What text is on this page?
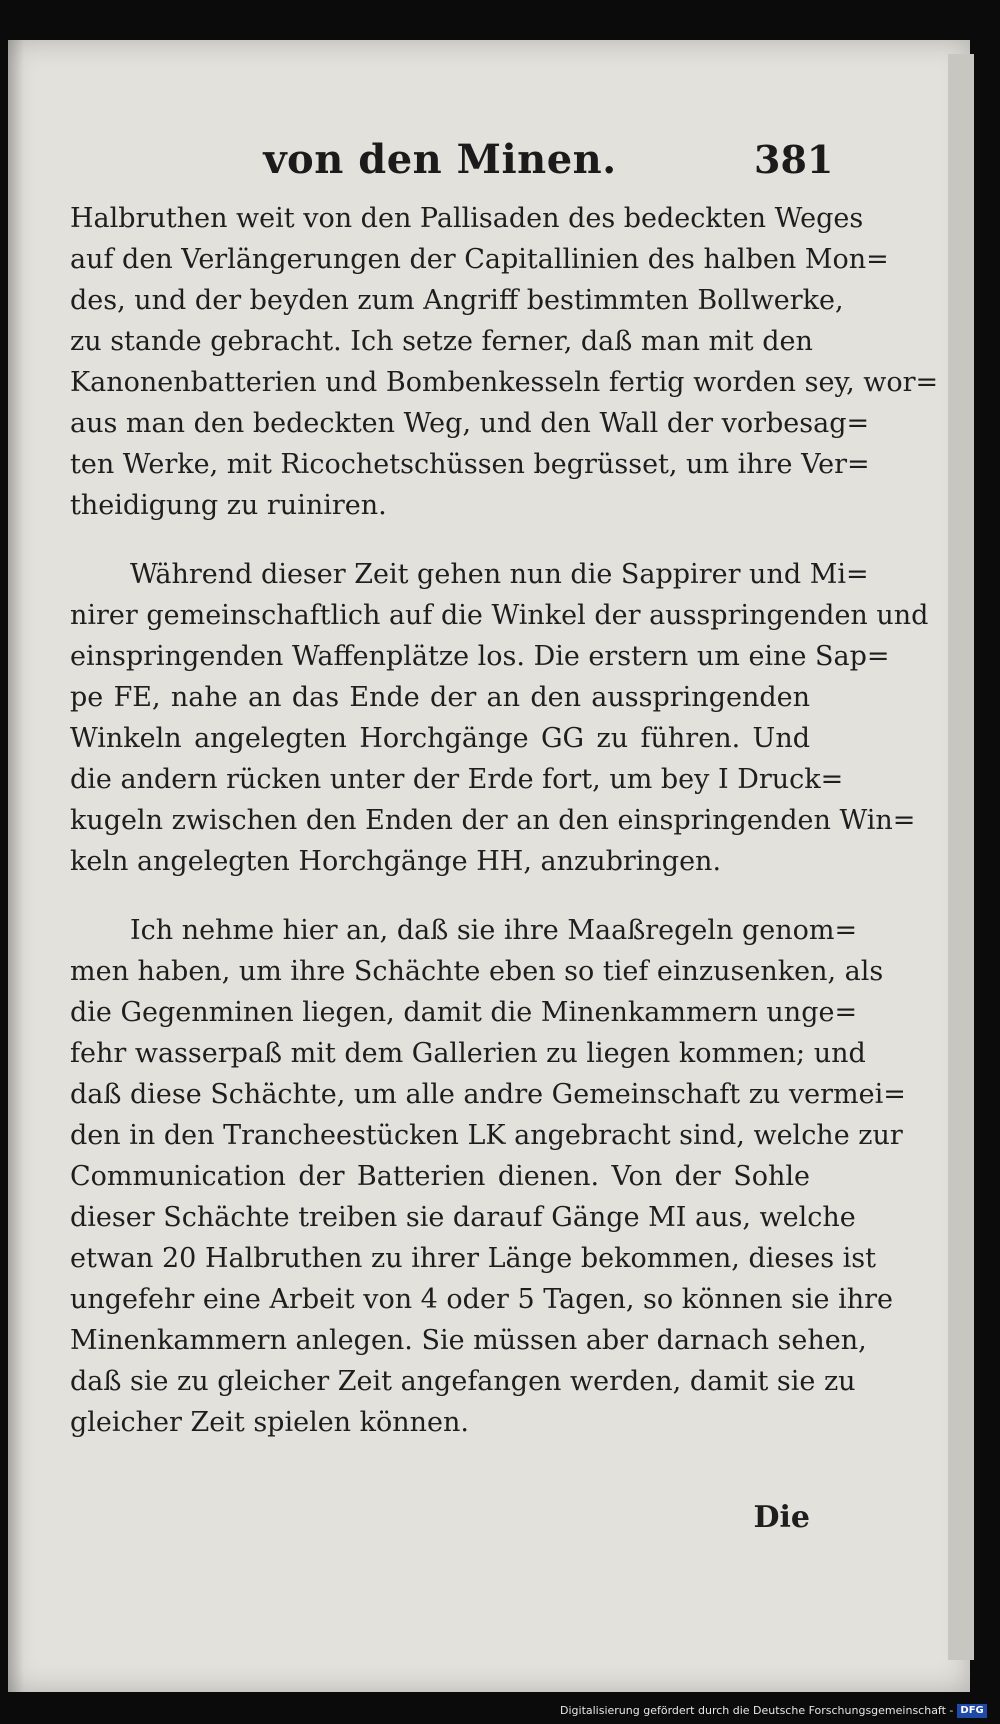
von den Minen.	381

Halbruthen weit von den Pallisaden des bedeckten Weges

auf den Verlängerungen der Capitallinien des halben Mon=

des, und der beyden zum Angriff bestimmten Bollwerke,

zu stande gebracht. Ich setze ferner, daß man mit den

Kanonenbatterien und Bombenkesseln fertig worden sey, wor=

aus man den bedeckten Weg, und den Wall der vorbesag=

ten Werke, mit Ricochetschüssen begrüsset, um ihre Ver=

theidigung zu ruiniren.

Während dieser Zeit gehen nun die Sappirer und Mi=

nirer gemeinschaftlich auf die Winkel der ausspringenden und

einspringenden Waffenplätze los. Die erstern um eine Sap=

pe FE, nahe an das Ende der an den ausspringenden

Winkeln angelegten Horchgänge GG zu führen. Und

die andern rücken unter der Erde fort, um bey I Druck=

kugeln zwischen den Enden der an den einspringenden Win=

keln angelegten Horchgänge HH, anzubringen.

Ich nehme hier an, daß sie ihre Maaßregeln genom=

men haben, um ihre Schächte eben so tief einzusenken, als

die Gegenminen liegen, damit die Minenkammern unge=

fehr wasserpaß mit dem Gallerien zu liegen kommen; und

daß diese Schächte, um alle andre Gemeinschaft zu vermei=

den in den Trancheestücken LK angebracht sind, welche zur

Communication der Batterien dienen. Von der Sohle

dieser Schächte treiben sie darauf Gänge MI aus, welche

etwan 20 Halbruthen zu ihrer Länge bekommen, dieses ist

ungefehr eine Arbeit von 4 oder 5 Tagen, so können sie ihre

Minenkammern anlegen. Sie müssen aber darnach sehen,

daß sie zu gleicher Zeit angefangen werden, damit sie zu

gleicher Zeit spielen können.

Die
Digitalisierung gefördert durch die Deutsche Forschungsgemeinschaft - DFG
